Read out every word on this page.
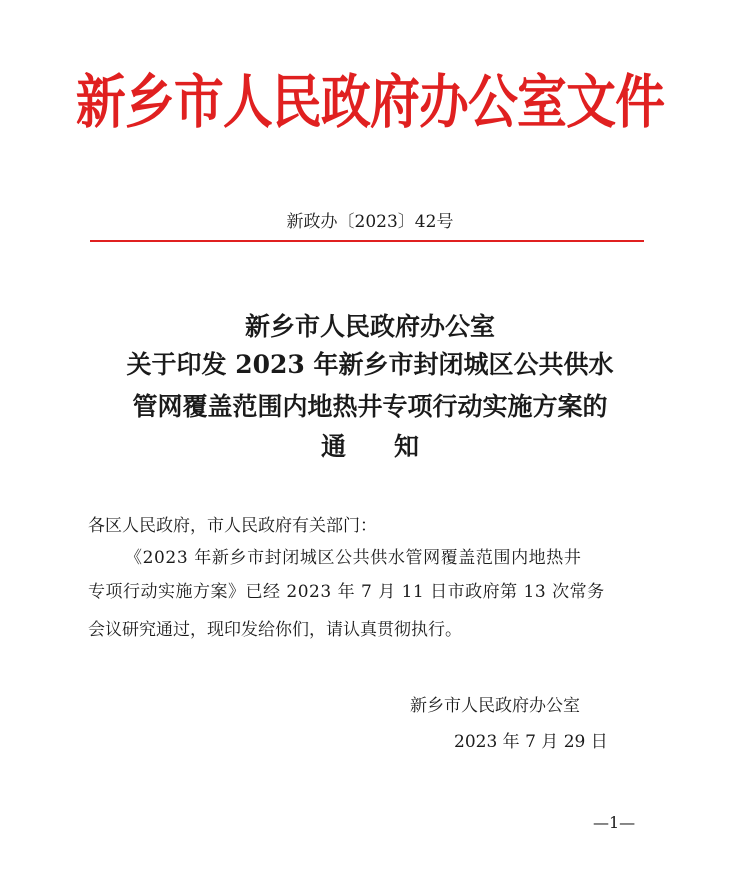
新乡市人民政府办公室文件
新政办〔2023〕42号
新乡市人民政府办公室
关于印发 2023 年新乡市封闭城区公共供水
管网覆盖范围内地热井专项行动实施方案的
通知
各区人民政府，市人民政府有关部门：
《2023 年新乡市封闭城区公共供水管网覆盖范围内地热井
专项行动实施方案》已经 2023 年 7 月 11 日市政府第 13 次常务
会议研究通过，现印发给你们，请认真贯彻执行。
新乡市人民政府办公室
2023 年 7 月 29 日
—1—
